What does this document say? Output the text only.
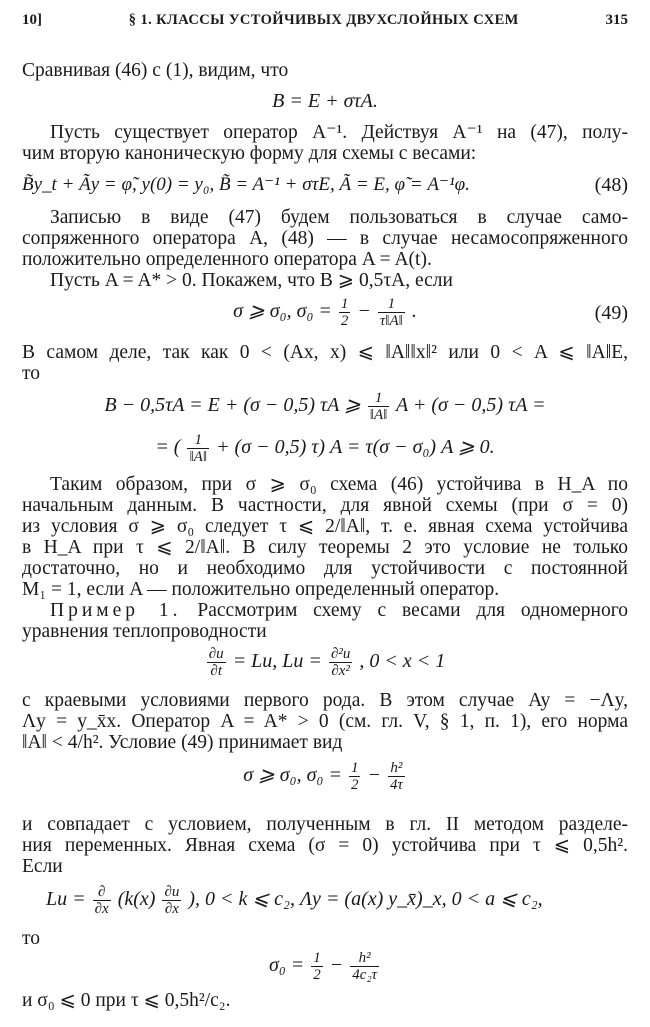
10]	§ 1. КЛАССЫ УСТОЙЧИВЫХ ДВУХСЛОЙНЫХ СХЕМ	315
Сравнивая (46) с (1), видим, что
B = E + στA.
Пусть существует оператор A⁻¹. Действуя A⁻¹ на (47), полу-
чим вторую каноническую форму для схемы с весами:
B̃y_t + Ãy = φ̃, y(0) = y₀, B̃ = A⁻¹ + στE, Ã = E, φ̃ = A⁻¹φ.	(48)
Записью в виде (47) будем пользоваться в случае само-
сопряженного оператора A, (48) — в случае несамосопряженного
положительно определенного оператора A = A(t).
Пусть A = A* > 0. Покажем, что B ⩾ 0,5τA, если
σ ⩾ σ₀, $\sigma_0 = \frac{1}{2} - \frac{1}{\tau‖A‖}$ .	(49)
В самом деле, так как 0 < (Ax, x) ⩽ ‖A‖‖x‖² или 0 < A ⩽ ‖A‖E,
то
B − 0,5τA = E + (σ − 0,5) τA ⩾ $\frac{1}{‖A‖}$ A + (σ − 0,5) τA =
= ( $\frac{1}{‖A‖} + (\sigma - 0,5)$ τ) A = τ(σ − σ₀) A ⩾ 0.
Таким образом, при σ ⩾ σ₀ схема (46) устойчива в H_A по
начальным данным. В частности, для явной схемы (при σ = 0)
из условия σ ⩾ σ₀ следует τ ⩽ 2/‖A‖, т. е. явная схема устойчива
в H_A при τ ⩽ 2/‖A‖. В силу теоремы 2 это условие не только
достаточно, но и необходимо для устойчивости с постоянной
M₁ = 1, если A — положительно определенный оператор.
Пример 1. Рассмотрим схему с весами для одномерного
уравнения теплопроводности
$\frac{\partial u}{\partial t} = Lu$, $Lu = \frac{\text{∂²u}}{\text{∂x²}}$ , 0 < x < 1
с краевыми условиями первого рода. В этом случае Ay = −Λy,
Λy = y_x̄x. Оператор A = A* > 0 (см. гл. V, § 1, п. 1), его норма
‖A‖ < 4/h². Условие (49) принимает вид
σ ⩾ σ₀, $\sigma_0 = \frac{1}{2} - \frac{\text{h²}}{4\tau}$
и совпадает с условием, полученным в гл. II методом разделе-
ния переменных. Явная схема (σ = 0) устойчива при τ ⩽ 0,5h².
Если
$Lu = \frac{\partial}{\partial x} (k(x) \frac{\partial u}{\partial x}$ ), 0 < k ⩽ c₂, Λy = (a(x) y_x̄)_x, 0 < a ⩽ c₂,
то
$\sigma_0 = \frac{1}{2} - \frac{\text{h²}}{\text{4c₂τ}}$
и σ₀ ⩽ 0 при τ ⩽ 0,5h²/c₂.
